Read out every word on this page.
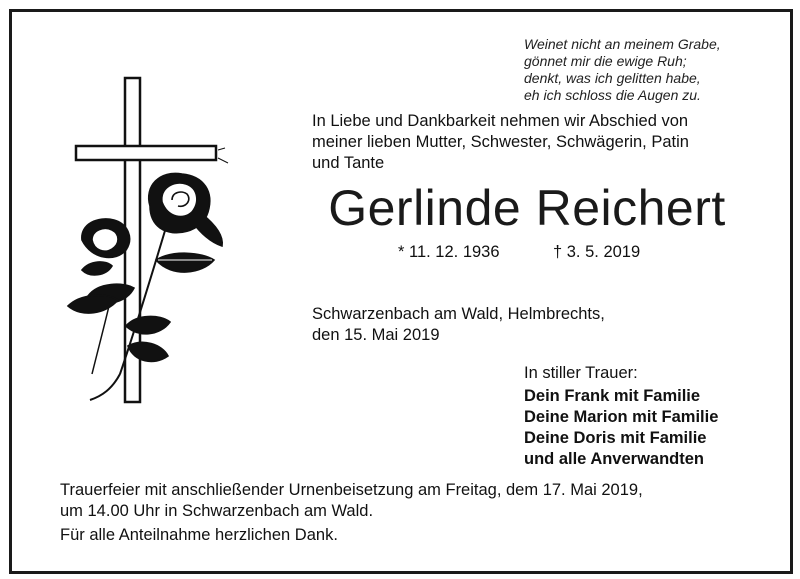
Weinet nicht an meinem Grabe,
gönnet mir die ewige Ruh;
denkt, was ich gelitten habe,
eh ich schloss die Augen zu.
In Liebe und Dankbarkeit nehmen wir Abschied von
meiner lieben Mutter, Schwester, Schwägerin, Patin
und Tante
Gerlinde Reichert
* 11. 12. 1936	† 3. 5. 2019
Schwarzenbach am Wald, Helmbrechts,
den 15. Mai 2019
In stiller Trauer:
Dein Frank mit Familie
Deine Marion mit Familie
Deine Doris mit Familie
und alle Anverwandten
Trauerfeier mit anschließender Urnenbeisetzung am Freitag, dem 17. Mai 2019,
um 14.00 Uhr in Schwarzenbach am Wald.
Für alle Anteilnahme herzlichen Dank.
